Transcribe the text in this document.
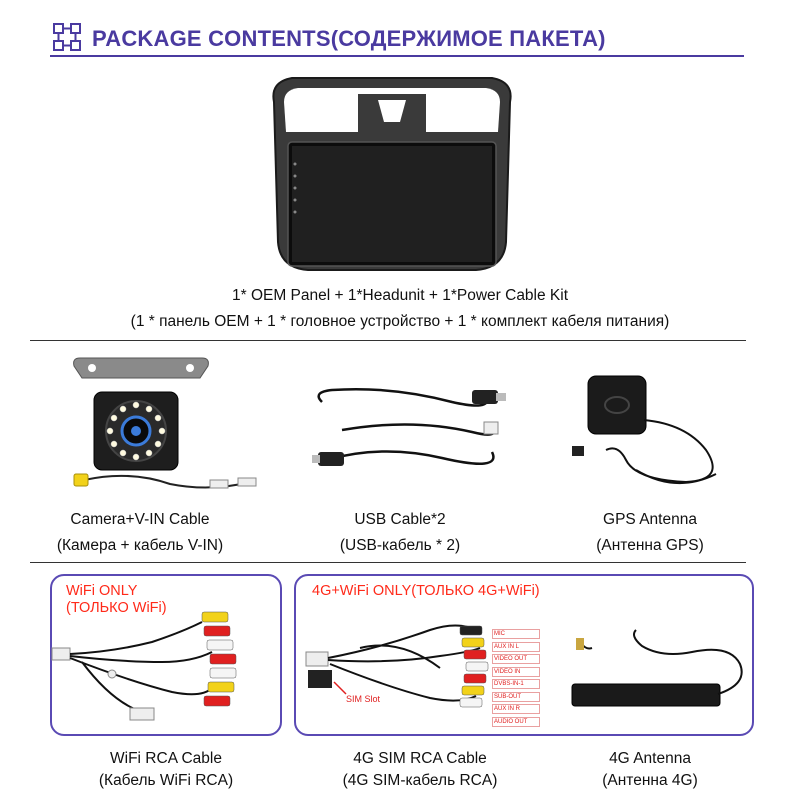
PACKAGE CONTENTS(СОДЕРЖИМОЕ ПАКЕТА)
1* OEM Panel + 1*Headunit + 1*Power Cable Kit
(1 * панель OEM + 1 * головное устройство + 1 * комплект кабеля питания)
Camera+V-IN Cable
(Камера + кабель V-IN)
USB Cable*2
(USB-кабель * 2)
GPS Antenna
(Антенна GPS)
WiFi ONLY
(ТОЛЬКО WiFi)
WiFi RCA Cable
(Кабель WiFi RCA)
4G+WiFi ONLY(ТОЛЬКО 4G+WiFi)
SIM Slot
MIC
AUX IN L
VIDEO OUT
VIDEO IN
DVBS-IN-1
SUB-OUT
AUX IN R
AUDIO OUT
4G SIM RCA Cable
(4G SIM-кабель RCA)
4G Antenna
(Антенна 4G)
